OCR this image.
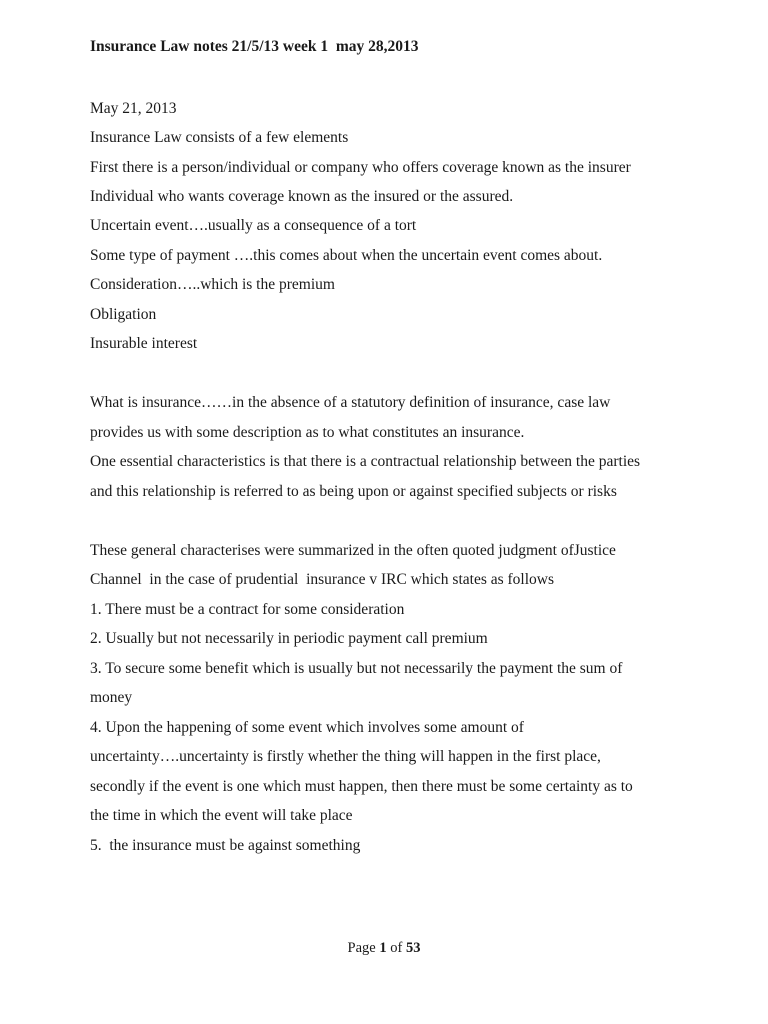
Insurance Law notes 21/5/13 week 1  may 28,2013
May 21, 2013
Insurance Law consists of a few elements
First there is a person/individual or company who offers coverage known as the insurer
Individual who wants coverage known as the insured or the assured.
Uncertain event….usually as a consequence of a tort
Some type of payment ….this comes about when the uncertain event comes about.
Consideration…..which is the premium
Obligation
Insurable interest
What is insurance……in the absence of a statutory definition of insurance, case law
provides us with some description as to what constitutes an insurance.
One essential characteristics is that there is a contractual relationship between the parties
and this relationship is referred to as being upon or against specified subjects or risks
These general characterises were summarized in the often quoted judgment ofJustice
Channel  in the case of prudential  insurance v IRC which states as follows
1. There must be a contract for some consideration
2. Usually but not necessarily in periodic payment call premium
3. To secure some benefit which is usually but not necessarily the payment the sum of
money
4. Upon the happening of some event which involves some amount of
uncertainty….uncertainty is firstly whether the thing will happen in the first place,
secondly if the event is one which must happen, then there must be some certainty as to
the time in which the event will take place
5.  the insurance must be against something
Page 1 of 53
